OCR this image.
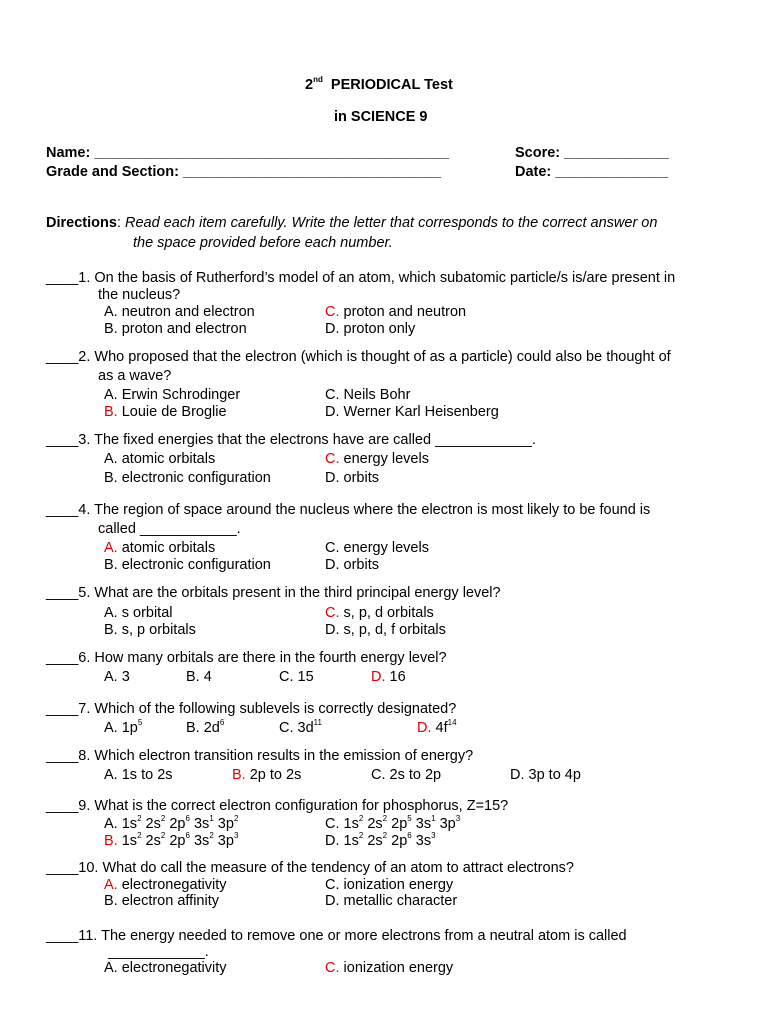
2nd PERIODICAL Test
in SCIENCE 9
Name: ____________________________________________	Score: _____________
Grade and Section: ________________________________	Date: ______________
Directions: Read each item carefully. Write the letter that corresponds to the correct answer on
the space provided before each number.
____1. On the basis of Rutherford’s model of an atom, which subatomic particle/s is/are present in
the nucleus?
A. neutron and electron	C. proton and neutron
B. proton and electron	D. proton only
____2. Who proposed that the electron (which is thought of as a particle) could also be thought of
as a wave?
A. Erwin Schrodinger	C. Neils Bohr
B. Louie de Broglie	D. Werner Karl Heisenberg
____3. The fixed energies that the electrons have are called ____________.
A. atomic orbitals	C. energy levels
B. electronic configuration	D. orbits
____4. The region of space around the nucleus where the electron is most likely to be found is
called ____________.
A. atomic orbitals	C. energy levels
B. electronic configuration	D. orbits
____5. What are the orbitals present in the third principal energy level?
A. s orbital	C. s, p, d orbitals
B. s, p orbitals	D. s, p, d, f orbitals
____6. How many orbitals are there in the fourth energy level?
A. 3	B. 4	C. 15	D. 16
____7. Which of the following sublevels is correctly designated?
A. $1p^5$	B. $2d^6$	C. $3d^{11}$	D. $4f^{14}$
____8. Which electron transition results in the emission of energy?
A. 1s to 2s	B. 2p to 2s	C. 2s to 2p	D. 3p to 4p
____9. What is the correct electron configuration for phosphorus, Z=15?
A. $1s^2$ $2s^2$ $2p^6$ $3s^1$ $3p^2$	C. $1s^2$ $2s^2$ $2p^5$ $3s^1$ $3p^3$
B. $1s^2$ $2s^2$ $2p^6$ $3s^2$ $3p^3$	D. $1s^2$ $2s^2$ $2p^6$ $3s^3$
____10. What do call the measure of the tendency of an atom to attract electrons?
A. electronegativity	C. ionization energy
B. electron affinity	D. metallic character
____11. The energy needed to remove one or more electrons from a neutral atom is called
____________.
A. electronegativity	C. ionization energy
